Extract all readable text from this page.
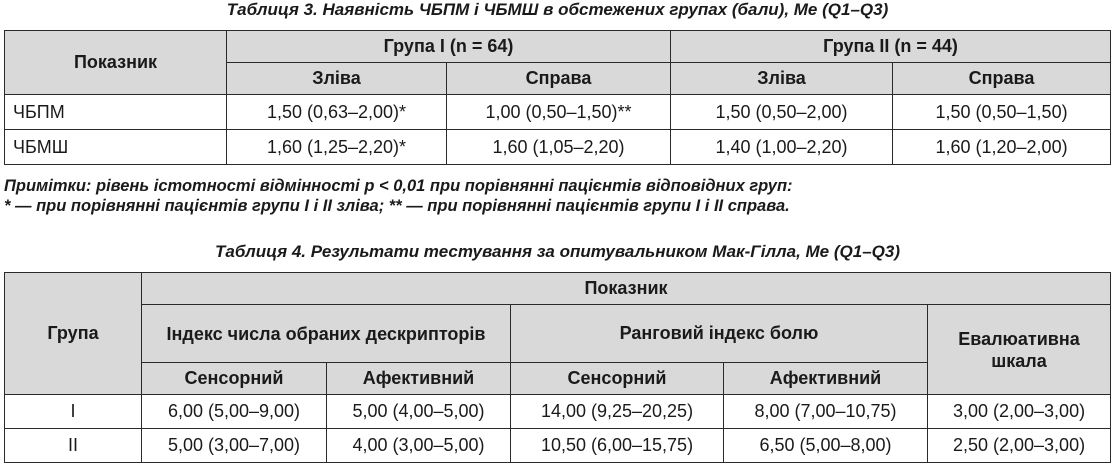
Таблиця 3. Наявність ЧБПМ і ЧБМШ в обстежених групах (бали), Me (Q1–Q3)
Показник	Група І (n = 64)		Група ІІ (n = 44)	
	Зліва	Справа	Зліва	Справа
ЧБПМ	1,50 (0,63–2,00)*	1,00 (0,50–1,50)**	1,50 (0,50–2,00)	1,50 (0,50–1,50)
ЧБМШ	1,60 (1,25–2,20)*	1,60 (1,05–2,20)	1,40 (1,00–2,20)	1,60 (1,20–2,00)
Примітки: рівень істотності відмінності p < 0,01 при порівнянні пацієнтів відповідних груп:
* — при порівнянні пацієнтів групи І і ІІ зліва; ** — при порівнянні пацієнтів групи І і ІІ справа.
Таблиця 4. Результати тестування за опитувальником Мак-Гілла, Me (Q1–Q3)
Група	Показник				
	Індекс числа обраних дескрипторів		Ранговий індекс болю		Евалюативна шкала
	Сенсорний	Афективний	Сенсорний	Афективний	
І	6,00 (5,00–9,00)	5,00 (4,00–5,00)	14,00 (9,25–20,25)	8,00 (7,00–10,75)	3,00 (2,00–3,00)
ІІ	5,00 (3,00–7,00)	4,00 (3,00–5,00)	10,50 (6,00–15,75)	6,50 (5,00–8,00)	2,50 (2,00–3,00)
